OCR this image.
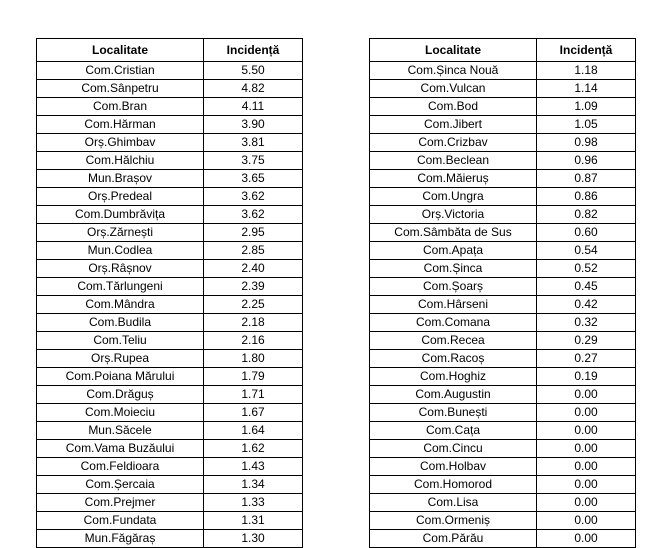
Localitate	Incidență
Com.Cristian	5.50
Com.Sânpetru	4.82
Com.Bran	4.11
Com.Hărman	3.90
Orș.Ghimbav	3.81
Com.Hălchiu	3.75
Mun.Brașov	3.65
Orș.Predeal	3.62
Com.Dumbrăvița	3.62
Orș.Zărnești	2.95
Mun.Codlea	2.85
Orș.Râșnov	2.40
Com.Tărlungeni	2.39
Com.Mândra	2.25
Com.Budila	2.18
Com.Teliu	2.16
Orș.Rupea	1.80
Com.Poiana Mărului	1.79
Com.Drăguș	1.71
Com.Moieciu	1.67
Mun.Săcele	1.64
Com.Vama Buzăului	1.62
Com.Feldioara	1.43
Com.Șercaia	1.34
Com.Prejmer	1.33
Com.Fundata	1.31
Mun.Făgăraș	1.30
Localitate	Incidență
Com.Șinca Nouă	1.18
Com.Vulcan	1.14
Com.Bod	1.09
Com.Jibert	1.05
Com.Crizbav	0.98
Com.Beclean	0.96
Com.Măieruș	0.87
Com.Ungra	0.86
Orș.Victoria	0.82
Com.Sâmbăta de Sus	0.60
Com.Apața	0.54
Com.Șinca	0.52
Com.Șoarș	0.45
Com.Hârseni	0.42
Com.Comana	0.32
Com.Recea	0.29
Com.Racoș	0.27
Com.Hoghiz	0.19
Com.Augustin	0.00
Com.Bunești	0.00
Com.Cața	0.00
Com.Cincu	0.00
Com.Holbav	0.00
Com.Homorod	0.00
Com.Lisa	0.00
Com.Ormeniș	0.00
Com.Părău	0.00
